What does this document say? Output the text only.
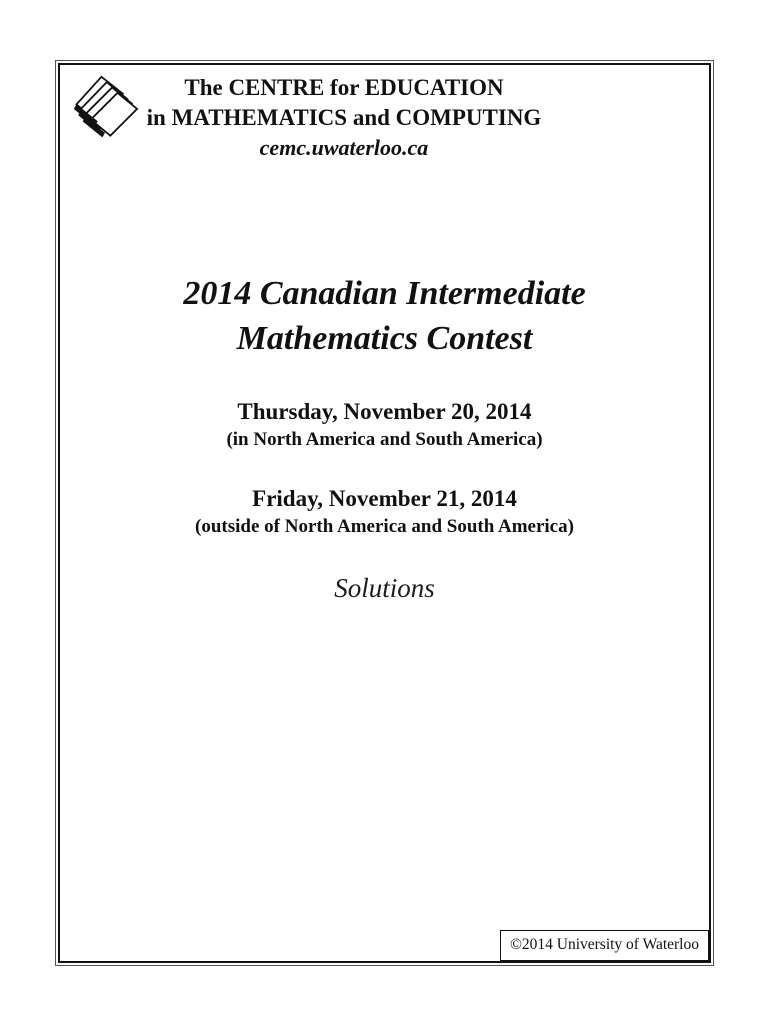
The CENTRE for EDUCATION
in MATHEMATICS and COMPUTING
cemc.uwaterloo.ca
2014 Canadian Intermediate
Mathematics Contest
Thursday, November 20, 2014
(in North America and South America)
Friday, November 21, 2014
(outside of North America and South America)
Solutions
©2014 University of Waterloo
